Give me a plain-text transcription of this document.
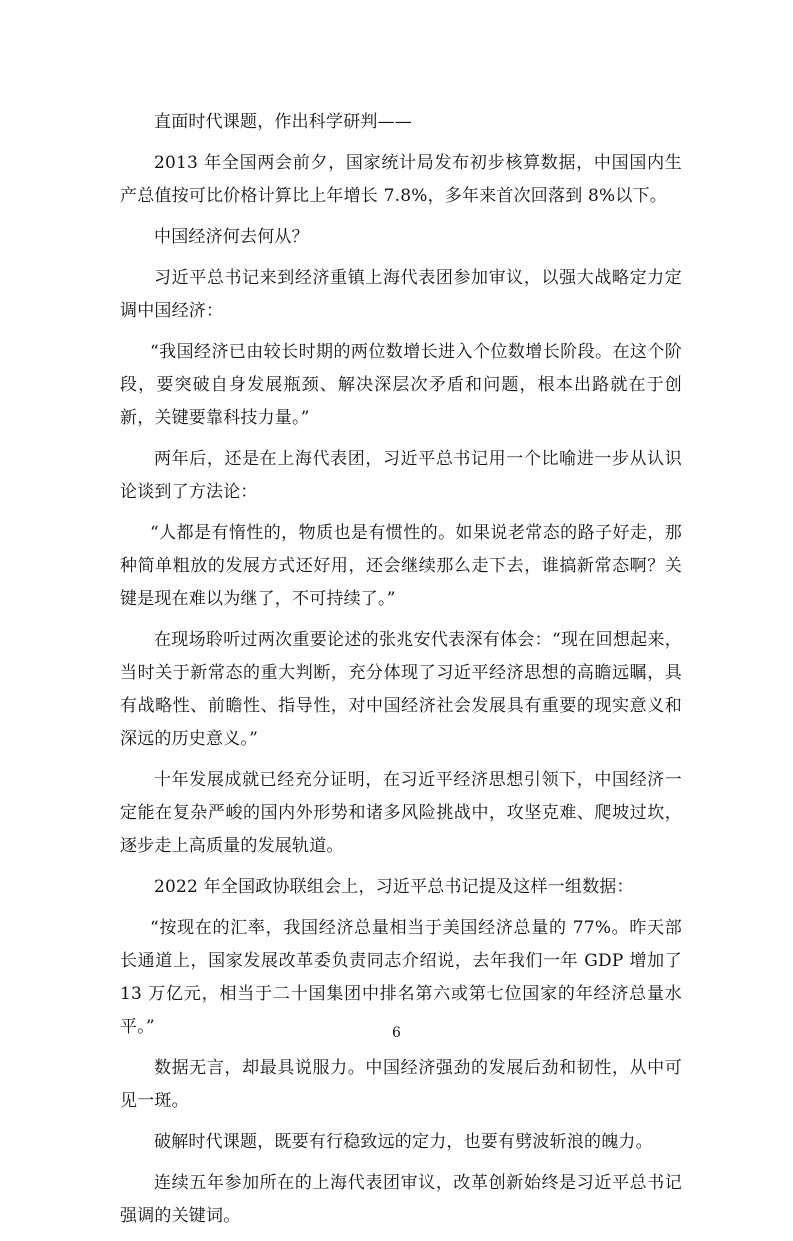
直面时代课题，作出科学研判——

2013 年全国两会前夕，国家统计局发布初步核算数据，中国国内生产总值按可比价格计算比上年增长 7.8%，多年来首次回落到 8%以下。

中国经济何去何从？

习近平总书记来到经济重镇上海代表团参加审议，以强大战略定力定调中国经济：

“我国经济已由较长时期的两位数增长进入个位数增长阶段。在这个阶段，要突破自身发展瓶颈、解决深层次矛盾和问题，根本出路就在于创新，关键要靠科技力量。”

两年后，还是在上海代表团，习近平总书记用一个比喻进一步从认识论谈到了方法论：

“人都是有惰性的，物质也是有惯性的。如果说老常态的路子好走，那种简单粗放的发展方式还好用，还会继续那么走下去，谁搞新常态啊？关键是现在难以为继了，不可持续了。”

在现场聆听过两次重要论述的张兆安代表深有体会：“现在回想起来，当时关于新常态的重大判断，充分体现了习近平经济思想的高瞻远瞩，具有战略性、前瞻性、指导性，对中国经济社会发展具有重要的现实意义和深远的历史意义。”

十年发展成就已经充分证明，在习近平经济思想引领下，中国经济一定能在复杂严峻的国内外形势和诸多风险挑战中，攻坚克难、爬坡过坎，逐步走上高质量的发展轨道。

2022 年全国政协联组会上，习近平总书记提及这样一组数据：

“按现在的汇率，我国经济总量相当于美国经济总量的 77%。昨天部长通道上，国家发展改革委负责同志介绍说，去年我们一年 GDP 增加了 13 万亿元，相当于二十国集团中排名第六或第七位国家的年经济总量水平。”

数据无言，却最具说服力。中国经济强劲的发展后劲和韧性，从中可见一斑。

破解时代课题，既要有行稳致远的定力，也要有劈波斩浪的魄力。

连续五年参加所在的上海代表团审议，改革创新始终是习近平总书记强调的关键词。

6
